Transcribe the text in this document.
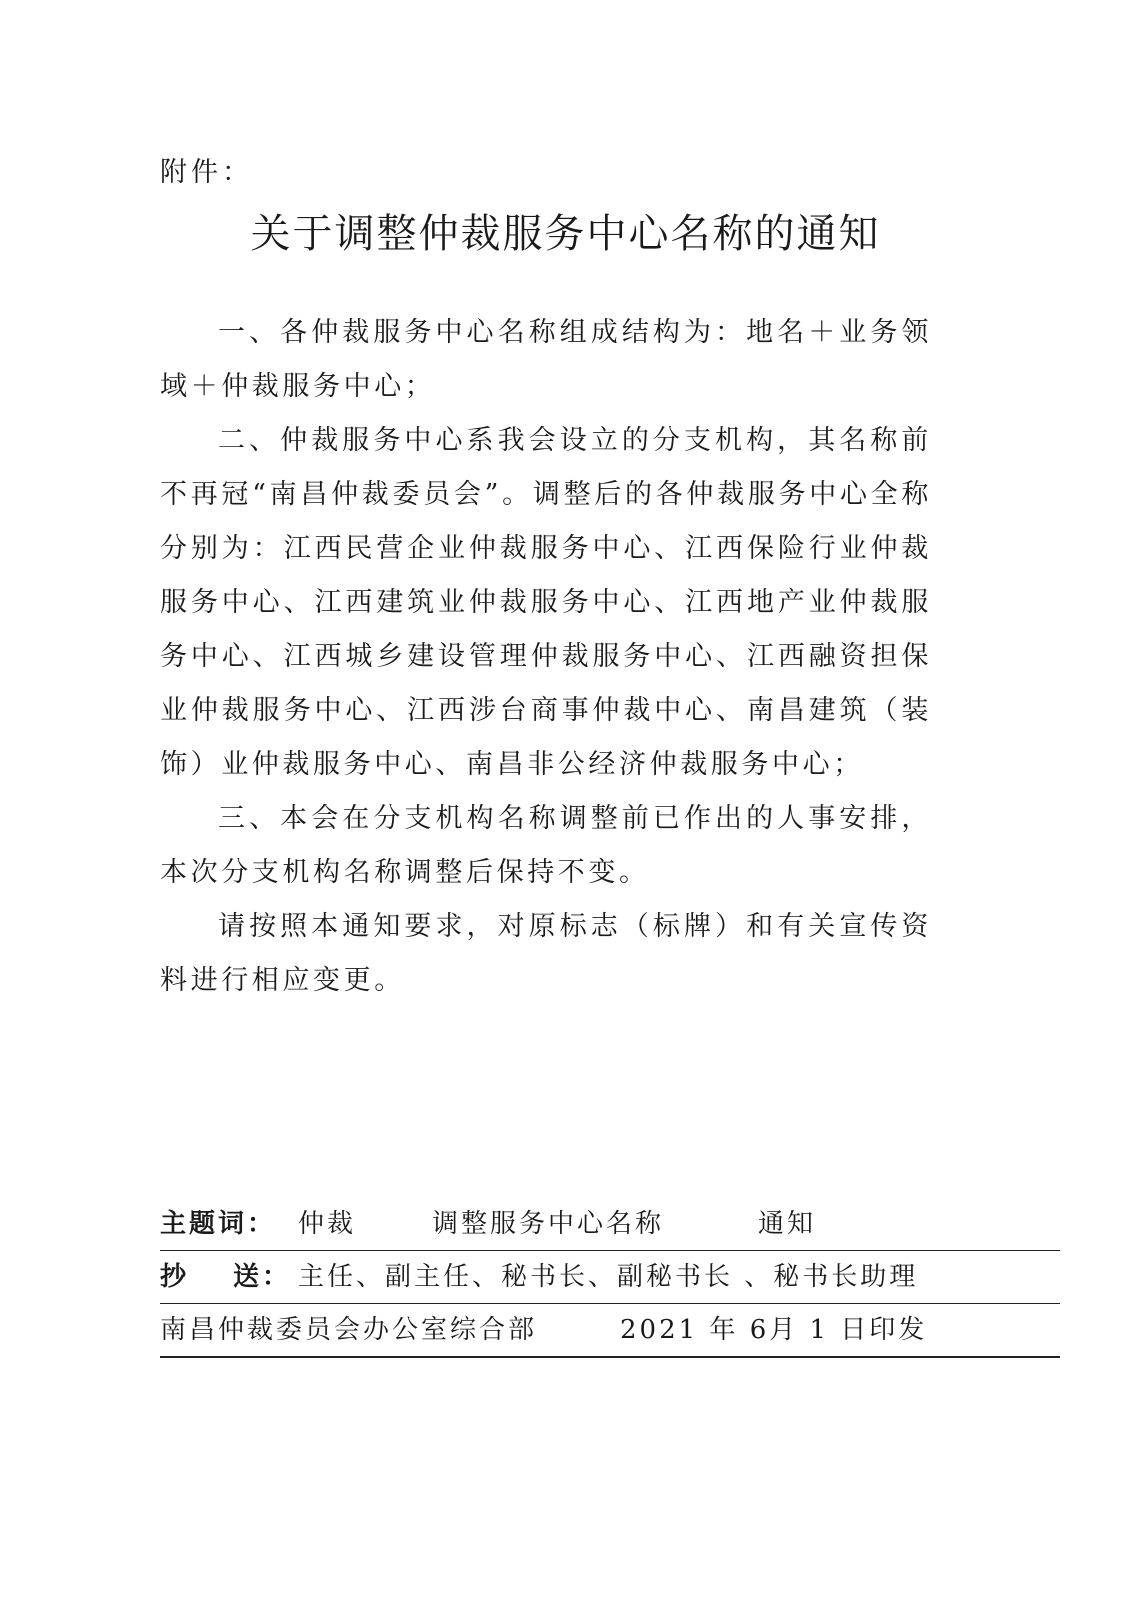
附件：
关于调整仲裁服务中心名称的通知

一、各仲裁服务中心名称组成结构为：地名＋业务领域＋仲裁服务中心；

二、仲裁服务中心系我会设立的分支机构，其名称前不再冠“南昌仲裁委员会”。调整后的各仲裁服务中心全称分别为：江西民营企业仲裁服务中心、江西保险行业仲裁服务中心、江西建筑业仲裁服务中心、江西地产业仲裁服务中心、江西城乡建设管理仲裁服务中心、江西融资担保业仲裁服务中心、江西涉台商事仲裁中心、南昌建筑（装饰）业仲裁服务中心、南昌非公经济仲裁服务中心；

三、本会在分支机构名称调整前已作出的人事安排，本次分支机构名称调整后保持不变。

请按照本通知要求，对原标志（标牌）和有关宣传资料进行相应变更。

主题词： 仲裁	调整服务中心名称	通知
抄 送： 主任、副主任、秘书长、副秘书长 、秘书长助理
南昌仲裁委员会办公室综合部	2021 年 6月 1 日印发
